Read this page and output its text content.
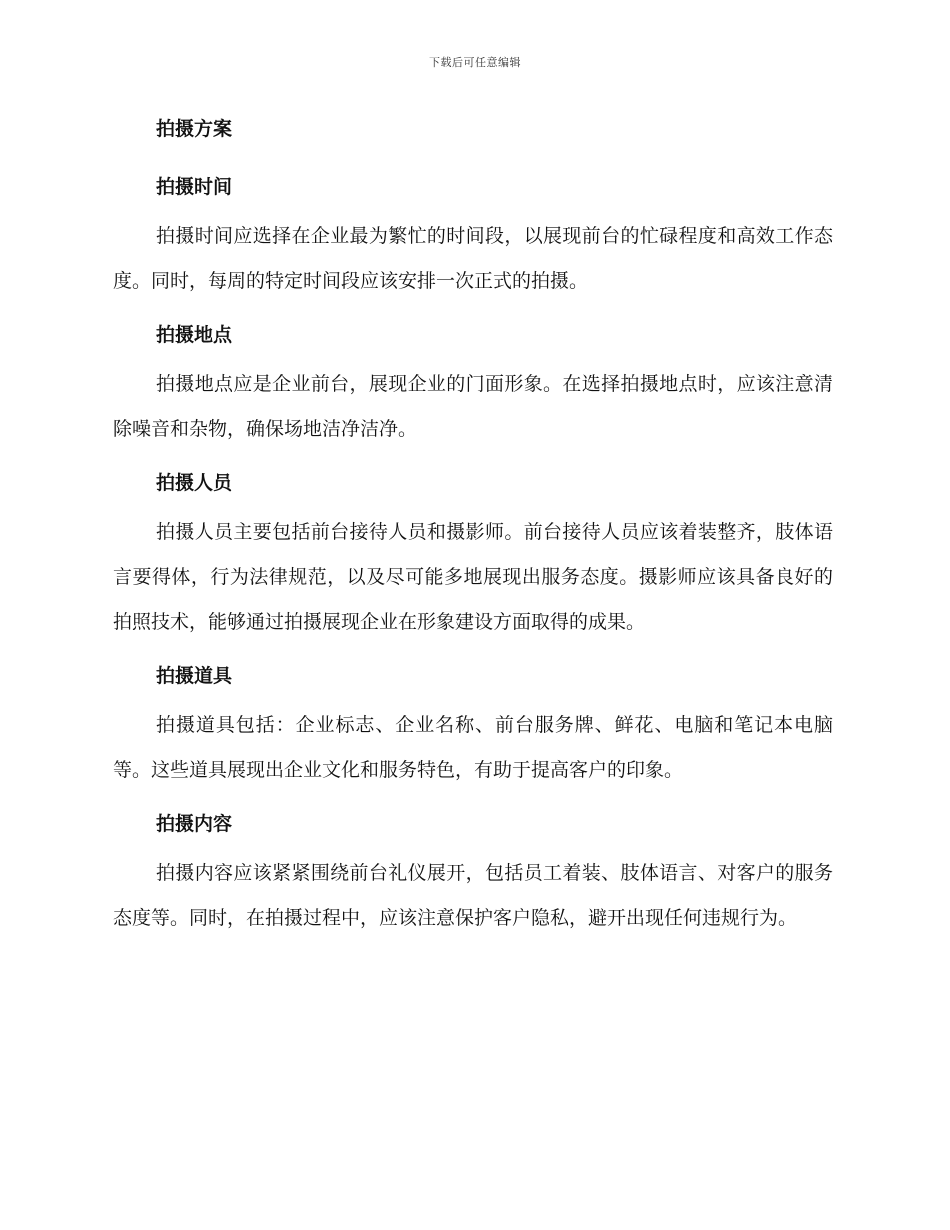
下载后可任意编辑

拍摄方案

拍摄时间

拍摄时间应选择在企业最为繁忙的时间段，以展现前台的忙碌程度和高效工作态度。同时，每周的特定时间段应该安排一次正式的拍摄。

拍摄地点

拍摄地点应是企业前台，展现企业的门面形象。在选择拍摄地点时，应该注意清除噪音和杂物，确保场地洁净洁净。

拍摄人员

拍摄人员主要包括前台接待人员和摄影师。前台接待人员应该着装整齐，肢体语言要得体，行为法律规范，以及尽可能多地展现出服务态度。摄影师应该具备良好的拍照技术，能够通过拍摄展现企业在形象建设方面取得的成果。

拍摄道具

拍摄道具包括：企业标志、企业名称、前台服务牌、鲜花、电脑和笔记本电脑等。这些道具展现出企业文化和服务特色，有助于提高客户的印象。

拍摄内容

拍摄内容应该紧紧围绕前台礼仪展开，包括员工着装、肢体语言、对客户的服务态度等。同时，在拍摄过程中，应该注意保护客户隐私，避开出现任何违规行为。
